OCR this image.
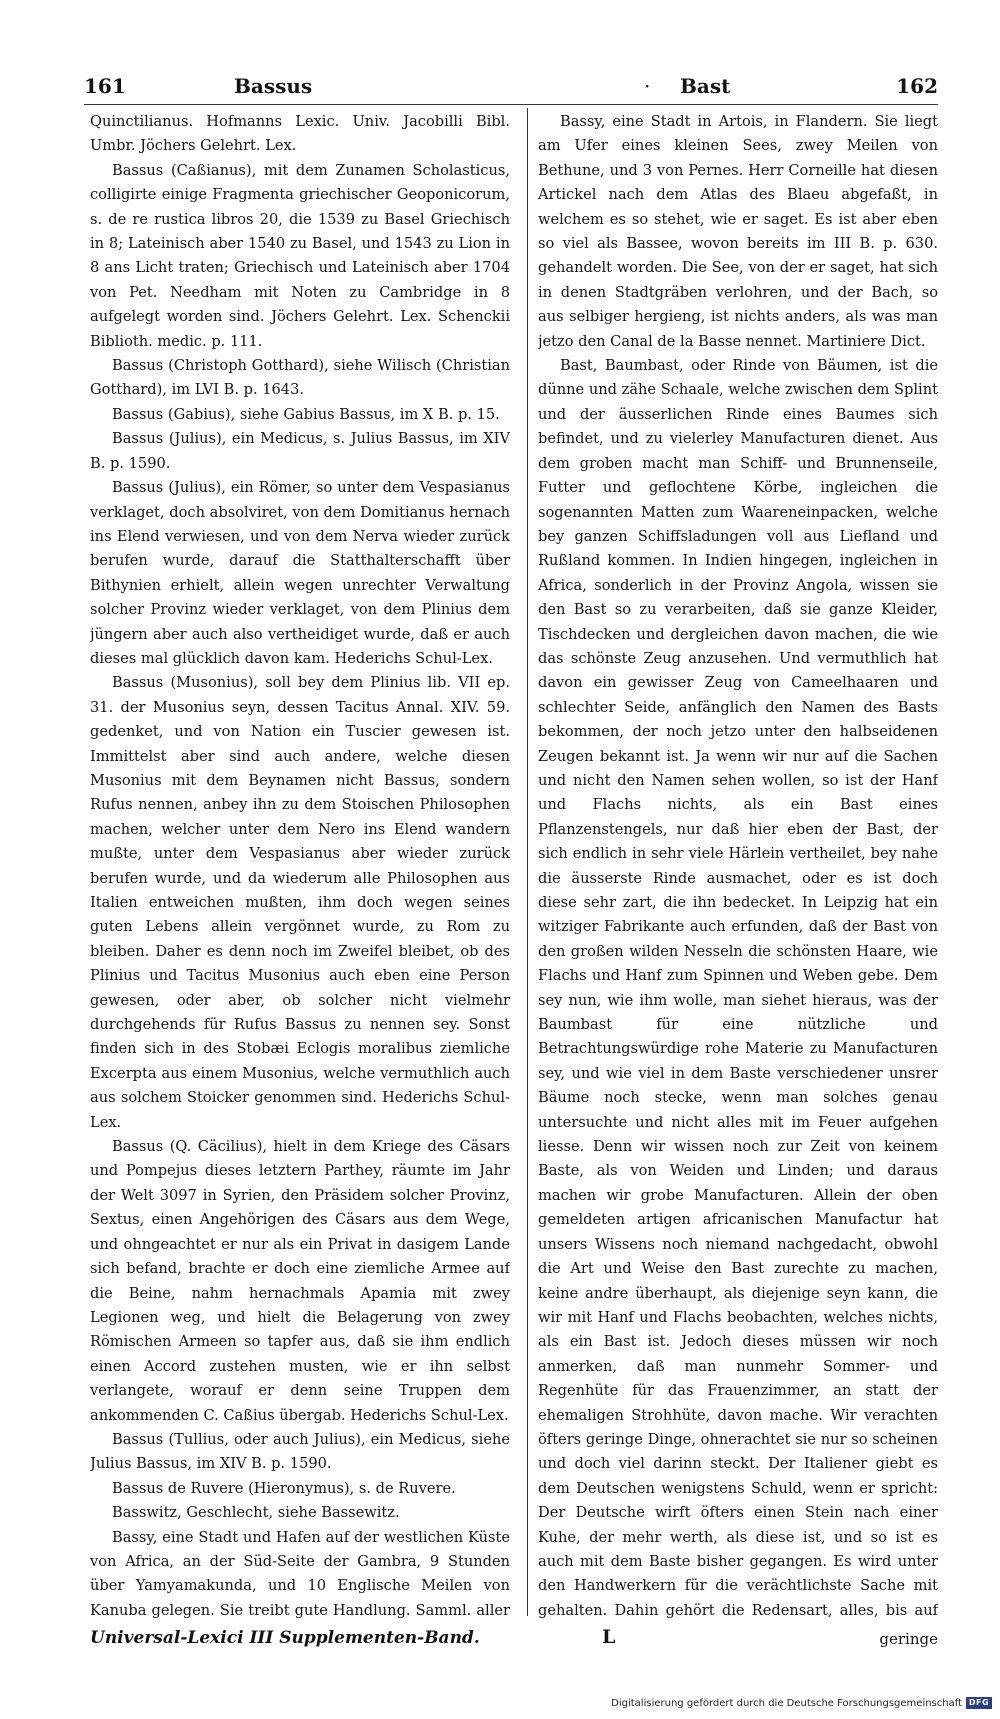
161	Bassus	· Bast	162

Quinctilianus. Hofmanns Lexic. Univ. Jacobilli Bibl. Umbr. Jöchers Gelehrt. Lex.

Bassus (Caßianus), mit dem Zunamen Scholasticus, colligirte einige Fragmenta griechischer Geoponicorum, s. de re rustica libros 20, die 1539 zu Basel Griechisch in 8; Lateinisch aber 1540 zu Basel, und 1543 zu Lion in 8 ans Licht traten; Griechisch und Lateinisch aber 1704 von Pet. Needham mit Noten zu Cambridge in 8 aufgelegt worden sind. Jöchers Gelehrt. Lex. Schenckii Biblioth. medic. p. 111.

Bassus (Christoph Gotthard), siehe Wilisch (Christian Gotthard), im LVI B. p. 1643.

Bassus (Gabius), siehe Gabius Bassus, im X B. p. 15.

Bassus (Julius), ein Medicus, s. Julius Bassus, im XIV B. p. 1590.

Bassus (Julius), ein Römer, so unter dem Vespasianus verklaget, doch absolviret, von dem Domitianus hernach ins Elend verwiesen, und von dem Nerva wieder zurück berufen wurde, darauf die Statthalterschafft über Bithynien erhielt, allein wegen unrechter Verwaltung solcher Provinz wieder verklaget, von dem Plinius dem jüngern aber auch also vertheidiget wurde, daß er auch dieses mal glücklich davon kam. Hederichs Schul-Lex.

Bassus (Musonius), soll bey dem Plinius lib. VII ep. 31. der Musonius seyn, dessen Tacitus Annal. XIV. 59. gedenket, und von Nation ein Tuscier gewesen ist. Immittelst aber sind auch andere, welche diesen Musonius mit dem Beynamen nicht Bassus, sondern Rufus nennen, anbey ihn zu dem Stoischen Philosophen machen, welcher unter dem Nero ins Elend wandern mußte, unter dem Vespasianus aber wieder zurück berufen wurde, und da wiederum alle Philosophen aus Italien entweichen mußten, ihm doch wegen seines guten Lebens allein vergönnet wurde, zu Rom zu bleiben. Daher es denn noch im Zweifel bleibet, ob des Plinius und Tacitus Musonius auch eben eine Person gewesen, oder aber, ob solcher nicht vielmehr durchgehends für Rufus Bassus zu nennen sey. Sonst finden sich in des Stobæi Eclogis moralibus ziemliche Excerpta aus einem Musonius, welche vermuthlich auch aus solchem Stoicker genommen sind. Hederichs Schul-Lex.

Bassus (Q. Cäcilius), hielt in dem Kriege des Cäsars und Pompejus dieses letztern Parthey, räumte im Jahr der Welt 3097 in Syrien, den Präsidem solcher Provinz, Sextus, einen Angehörigen des Cäsars aus dem Wege, und ohngeachtet er nur als ein Privat in dasigem Lande sich befand, brachte er doch eine ziemliche Armee auf die Beine, nahm hernachmals Apamia mit zwey Legionen weg, und hielt die Belagerung von zwey Römischen Armeen so tapfer aus, daß sie ihm endlich einen Accord zustehen musten, wie er ihn selbst verlangete, worauf er denn seine Truppen dem ankommenden C. Caßius übergab. Hederichs Schul-Lex.

Bassus (Tullius, oder auch Julius), ein Medicus, siehe Julius Bassus, im XIV B. p. 1590.

Bassus de Ruvere (Hieronymus), s. de Ruvere.

Basswitz, Geschlecht, siehe Bassewitz.

Bassy, eine Stadt und Hafen auf der westlichen Küste von Africa, an der Süd-Seite der Gambra, 9 Stunden über Yamyamakunda, und 10 Englische Meilen von Kanuba gelegen. Sie treibt gute Handlung. Samml. aller

Bassy, eine Stadt in Artois, in Flandern. Sie liegt am Ufer eines kleinen Sees, zwey Meilen von Bethune, und 3 von Pernes. Herr Corneille hat diesen Artickel nach dem Atlas des Blaeu abgefaßt, in welchem es so stehet, wie er saget. Es ist aber eben so viel als Bassee, wovon bereits im III B. p. 630. gehandelt worden. Die See, von der er saget, hat sich in denen Stadtgräben verlohren, und der Bach, so aus selbiger hergieng, ist nichts anders, als was man jetzo den Canal de la Basse nennet. Martiniere Dict.

Bast, Baumbast, oder Rinde von Bäumen, ist die dünne und zähe Schaale, welche zwischen dem Splint und der äusserlichen Rinde eines Baumes sich befindet, und zu vielerley Manufacturen dienet. Aus dem groben macht man Schiff- und Brunnenseile, Futter und geflochtene Körbe, ingleichen die sogenannten Matten zum Waareneinpacken, welche bey ganzen Schiffsladungen voll aus Liefland und Rußland kommen. In Indien hingegen, ingleichen in Africa, sonderlich in der Provinz Angola, wissen sie den Bast so zu verarbeiten, daß sie ganze Kleider, Tischdecken und dergleichen davon machen, die wie das schönste Zeug anzusehen. Und vermuthlich hat davon ein gewisser Zeug von Cameelhaaren und schlechter Seide, anfänglich den Namen des Basts bekommen, der noch jetzo unter den halbseidenen Zeugen bekannt ist. Ja wenn wir nur auf die Sachen und nicht den Namen sehen wollen, so ist der Hanf und Flachs nichts, als ein Bast eines Pflanzenstengels, nur daß hier eben der Bast, der sich endlich in sehr viele Härlein vertheilet, bey nahe die äusserste Rinde ausmachet, oder es ist doch diese sehr zart, die ihn bedecket. In Leipzig hat ein witziger Fabrikante auch erfunden, daß der Bast von den großen wilden Nesseln die schönsten Haare, wie Flachs und Hanf zum Spinnen und Weben gebe. Dem sey nun, wie ihm wolle, man siehet hieraus, was der Baumbast für eine nützliche und Betrachtungswürdige rohe Materie zu Manufacturen sey, und wie viel in dem Baste verschiedener unsrer Bäume noch stecke, wenn man solches genau untersuchte und nicht alles mit im Feuer aufgehen liesse. Denn wir wissen noch zur Zeit von keinem Baste, als von Weiden und Linden; und daraus machen wir grobe Manufacturen. Allein der oben gemeldeten artigen africanischen Manufactur hat unsers Wissens noch niemand nachgedacht, obwohl die Art und Weise den Bast zurechte zu machen, keine andre überhaupt, als diejenige seyn kann, die wir mit Hanf und Flachs beobachten, welches nichts, als ein Bast ist. Jedoch dieses müssen wir noch anmerken, daß man nunmehr Sommer- und Regenhüte für das Frauenzimmer, an statt der ehemaligen Strohhüte, davon mache. Wir verachten öfters geringe Dinge, ohnerachtet sie nur so scheinen und doch viel darinn steckt. Der Italiener giebt es dem Deutschen wenigstens Schuld, wenn er spricht: Der Deutsche wirft öfters einen Stein nach einer Kuhe, der mehr werth, als diese ist, und so ist es auch mit dem Baste bisher gegangen. Es wird unter den Handwerkern für die verächtlichste Sache mit gehalten. Dahin gehört die Redensart, alles, bis auf

Universal-Lexici III Supplementen-Band.	L	geringe
Digitalisierung gefördert durch die Deutsche Forschungsgemeinschaft DFG
